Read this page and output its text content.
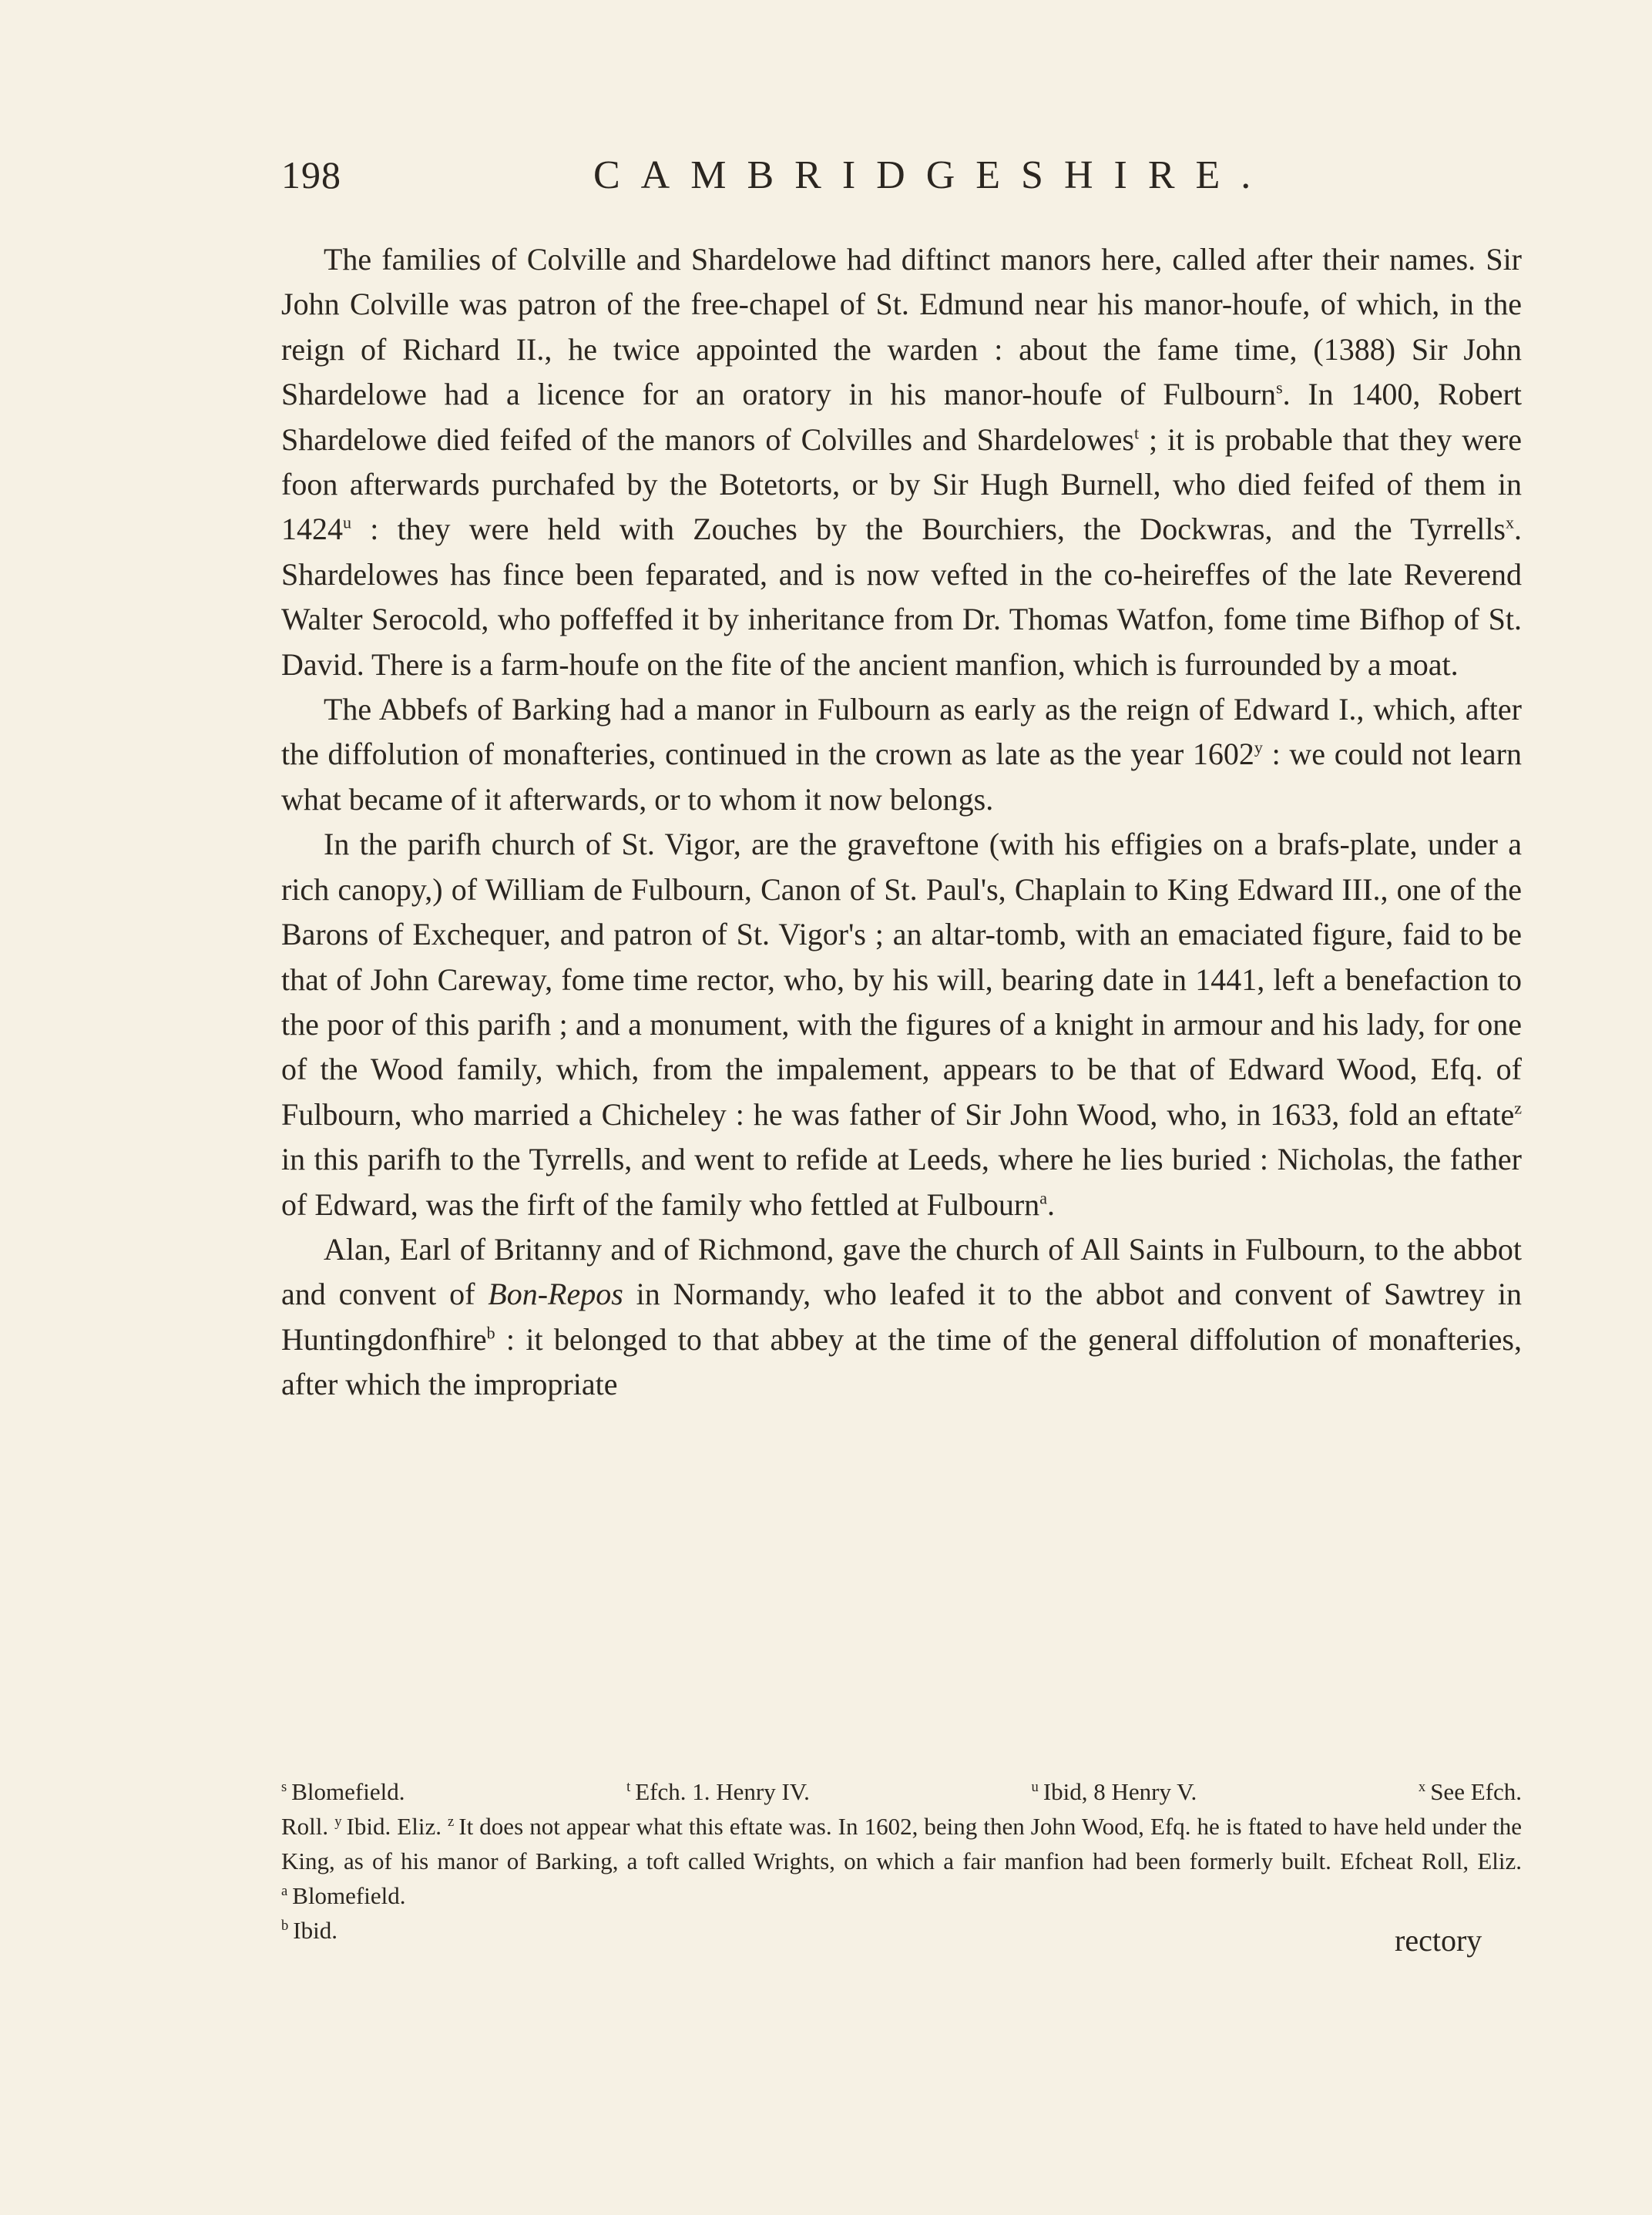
198	CAMBRIDGESHIRE.

The families of Colville and Shardelowe had diftinct manors here, called after their names. Sir John Colville was patron of the free-chapel of St. Edmund near his manor-houfe, of which, in the reign of Richard II., he twice appointed the warden : about the fame time, (1388) Sir John Shardelowe had a licence for an oratory in his manor-houfe of Fulbourn$^s$. In 1400, Robert Shardelowe died feifed of the manors of Colvilles and Shardelowes$^t$ ; it is probable that they were foon afterwards purchafed by the Botetorts, or by Sir Hugh Burnell, who died feifed of them in 1424$^u$ : they were held with Zouches by the Bourchiers, the Dockwras, and the Tyrrells$^x$. Shardelowes has fince been feparated, and is now vefted in the co-heireffes of the late Reverend Walter Serocold, who poffeffed it by inheritance from Dr. Thomas Watfon, fome time Bifhop of St. David. There is a farm-houfe on the fite of the ancient manfion, which is furrounded by a moat.

The Abbefs of Barking had a manor in Fulbourn as early as the reign of Edward I., which, after the diffolution of monafteries, continued in the crown as late as the year 1602$^y$ : we could not learn what became of it afterwards, or to whom it now belongs.

In the parifh church of St. Vigor, are the graveftone (with his effigies on a brafs-plate, under a rich canopy,) of William de Fulbourn, Canon of St. Paul's, Chaplain to King Edward III., one of the Barons of Exchequer, and patron of St. Vigor's ; an altar-tomb, with an emaciated figure, faid to be that of John Careway, fome time rector, who, by his will, bearing date in 1441, left a benefaction to the poor of this parifh ; and a monument, with the figures of a knight in armour and his lady, for one of the Wood family, which, from the impalement, appears to be that of Edward Wood, Efq. of Fulbourn, who married a Chicheley : he was father of Sir John Wood, who, in 1633, fold an eftate$^z$ in this parifh to the Tyrrells, and went to refide at Leeds, where he lies buried : Nicholas, the father of Edward, was the firft of the family who fettled at Fulbourn$^a$.

Alan, Earl of Britanny and of Richmond, gave the church of All Saints in Fulbourn, to the abbot and convent of Bon-Repos in Normandy, who leafed it to the abbot and convent of Sawtrey in Huntingdonfhire$^b$ : it belonged to that abbey at the time of the general diffolution of monafteries, after which the impropriate

$^s$ Blomefield.	$^t$ Efch. 1. Henry IV.	$^u$ Ibid, 8 Henry V.	$^x$ See Efch.

Roll. $^y$ Ibid. Eliz. $^z$ It does not appear what this eftate was. In 1602, being then John Wood, Efq. he is ftated to have held under the King, as of his manor of Barking, a toft called Wrights, on which a fair manfion had been formerly built. Efcheat Roll, Eliz. $^a$ Blomefield.

$^b$ Ibid.	rectory
